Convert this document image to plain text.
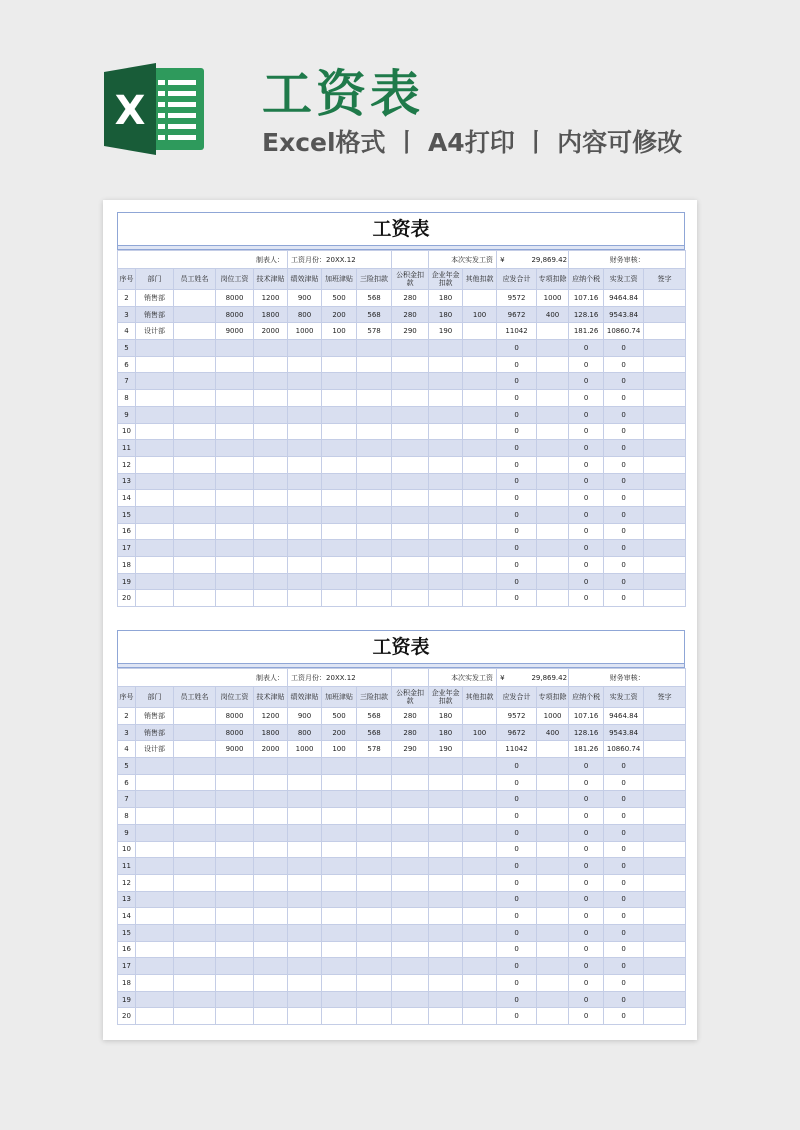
X 工资表
Excel格式 丨 A4打印 丨 内容可修改
工资表
制表人：					工资月份：20XX.12				本次实发工资		¥ 29,869.42		财务审核：		
序号	部门	员工姓名	岗位工资	技术津贴	绩效津贴	加班津贴	三险扣款	公积金扣款	企业年金扣款	其他扣款	应发合计	专项扣除	应纳个税	实发工资	签字
2	销售部		8000	1200	900	500	568	280	180		9572	1000	107.16	9464.84	
3	销售部		8000	1800	800	200	568	280	180	100	9672	400	128.16	9543.84	
4	设计部		9000	2000	1000	100	578	290	190		11042		181.26	10860.74	
5											0		0	0	
6											0		0	0	
7											0		0	0	
8											0		0	0	
9											0		0	0	
10											0		0	0	
11											0		0	0	
12											0		0	0	
13											0		0	0	
14											0		0	0	
15											0		0	0	
16											0		0	0	
17											0		0	0	
18											0		0	0	
19											0		0	0	
20											0		0	0	
工资表
制表人：					工资月份：20XX.12				本次实发工资		¥ 29,869.42		财务审核：		
序号	部门	员工姓名	岗位工资	技术津贴	绩效津贴	加班津贴	三险扣款	公积金扣款	企业年金扣款	其他扣款	应发合计	专项扣除	应纳个税	实发工资	签字
2	销售部		8000	1200	900	500	568	280	180		9572	1000	107.16	9464.84	
3	销售部		8000	1800	800	200	568	280	180	100	9672	400	128.16	9543.84	
4	设计部		9000	2000	1000	100	578	290	190		11042		181.26	10860.74	
5											0		0	0	
6											0		0	0	
7											0		0	0	
8											0		0	0	
9											0		0	0	
10											0		0	0	
11											0		0	0	
12											0		0	0	
13											0		0	0	
14											0		0	0	
15											0		0	0	
16											0		0	0	
17											0		0	0	
18											0		0	0	
19											0		0	0	
20											0		0	0	
